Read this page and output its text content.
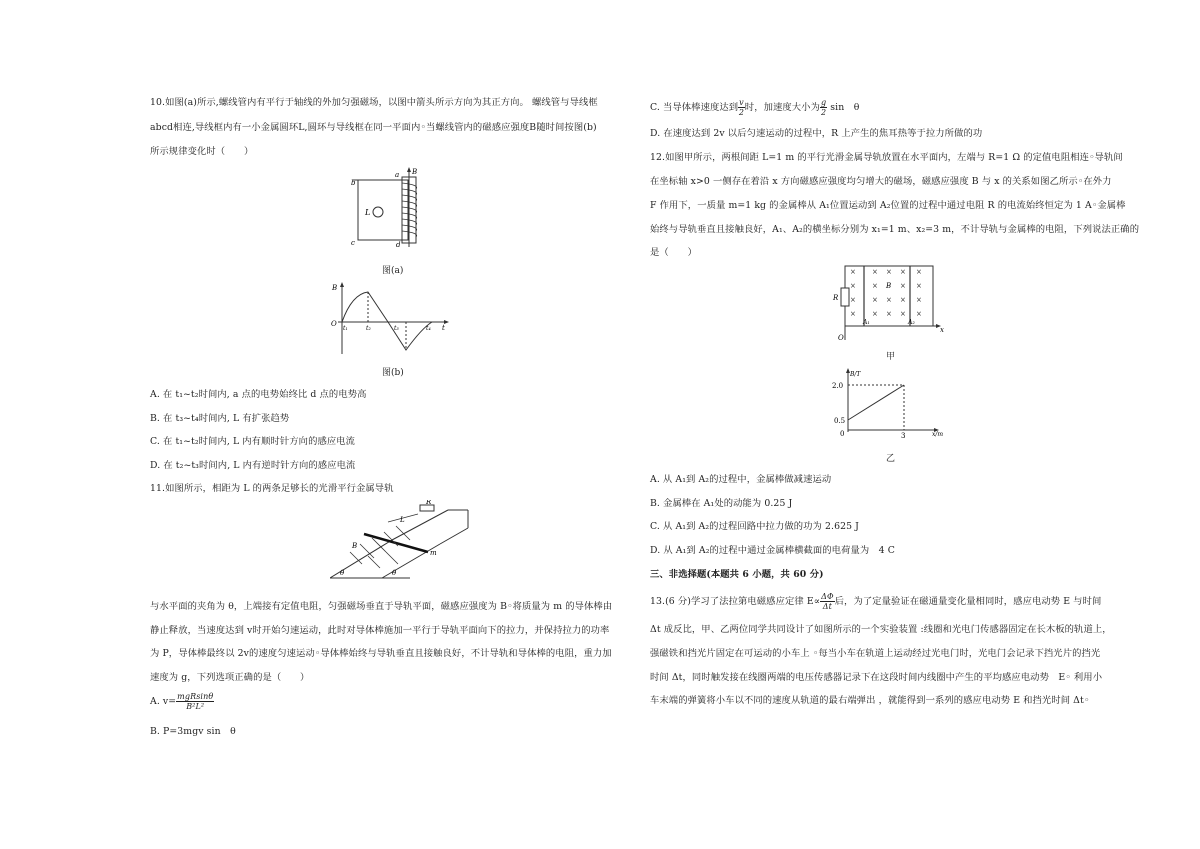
10.如图(a)所示,螺线管内有平行于轴线的外加匀强磁场，以图中箭头所示方向为其正方向。 螺线管与导线框
abcd相连,导线框内有一小金属圆环L,圆环与导线框在同一平面内◦当螺线管内的磁感应强度B随时间按图(b)
所示规律变化时（　　）
b
a
c	d
L
B
图(a)
B
O
t₁	t₂	t₃	t₄ t
图(b)
A. 在 t₁~t₂时间内, a 点的电势始终比 d 点的电势高
B. 在 t₃~t₄时间内, L 有扩张趋势
C. 在 t₁~t₂时间内, L 内有顺时针方向的感应电流
D. 在 t₂~t₃时间内, L 内有逆时针方向的感应电流
11.如图所示，相距为 L 的两条足够长的光滑平行金属导轨
R
L
B
m
θ	θ
与水平面的夹角为 θ，上端接有定值电阻，匀强磁场垂直于导轨平面，磁感应强度为 B◦将质量为 m 的导体棒由
静止释放，当速度达到 v时开始匀速运动，此时对导体棒施加一平行于导轨平面向下的拉力，并保持拉力的功率
为 P，导体棒最终以 2v的速度匀速运动◦导体棒始终与导轨垂直且接触良好，不计导轨和导体棒的电阻，重力加
速度为 g，下列选项正确的是（　　）
A. $v= \frac{\text{mgRsinθ}}{\text{B²L²}}$
B. P=3mgv sin　θ
C. 当导体棒速度达到 $\frac{v}{2}$ 时，加速度大小为 $\frac{g}{2}$ sin　θ
D. 在速度达到 2v 以后匀速运动的过程中，R 上产生的焦耳热等于拉力所做的功
12.如图甲所示，两根间距 L=1 m 的平行光滑金属导轨放置在水平面内，左端与 R=1 Ω 的定值电阻相连◦导轨间
在坐标轴 x>0 一侧存在着沿 x 方向磁感应强度均匀增大的磁场，磁感应强度 B 与 x 的关系如图乙所示◦在外力
F 作用下，一质量 m=1 kg 的金属棒从 A₁位置运动到 A₂位置的过程中通过电阻 R 的电流始终恒定为 1 A◦金属棒
始终与导轨垂直且接触良好，A₁、A₂的横坐标分别为 x₁=1 m、x₂=3 m，不计导轨与金属棒的电阻，下列说法正确的
是（　　）
×
×
×
×
× × × ×
×	× ×
× × × ×
× × × ×
R
B
A₁	A₂
O
x
甲
B/T
x/m
2.0
0.5
0	3
乙
A. 从 A₁到 A₂的过程中，金属棒做减速运动
B. 金属棒在 A₁处的动能为 0.25 J
C. 从 A₁到 A₂的过程回路中拉力做的功为 2.625 J
D. 从 A₁到 A₂的过程中通过金属棒横截面的电荷量为　4 C
三、非选择题(本题共 6 小题，共 60 分)
13.(6 分)学习了法拉第电磁感应定律 $E\propto \frac{\Delta\Phi}{\Delta t}$ 后，为了定量验证在磁通量变化量相同时，感应电动势 E 与时间
Δt 成反比，甲、乙两位同学共同设计了如图所示的一个实验装置 :线圈和光电门传感器固定在长木板的轨道上，
强磁铁和挡光片固定在可运动的小车上 ◦每当小车在轨道上运动经过光电门时，光电门会记录下挡光片的挡光
时间 Δt，同时触发接在线圈两端的电压传感器记录下在这段时间内线圈中产生的平均感应电动势　E◦ 利用小
车末端的弹簧将小车以不同的速度从轨道的最右端弹出 ，就能得到一系列的感应电动势 E 和挡光时间 Δt◦
